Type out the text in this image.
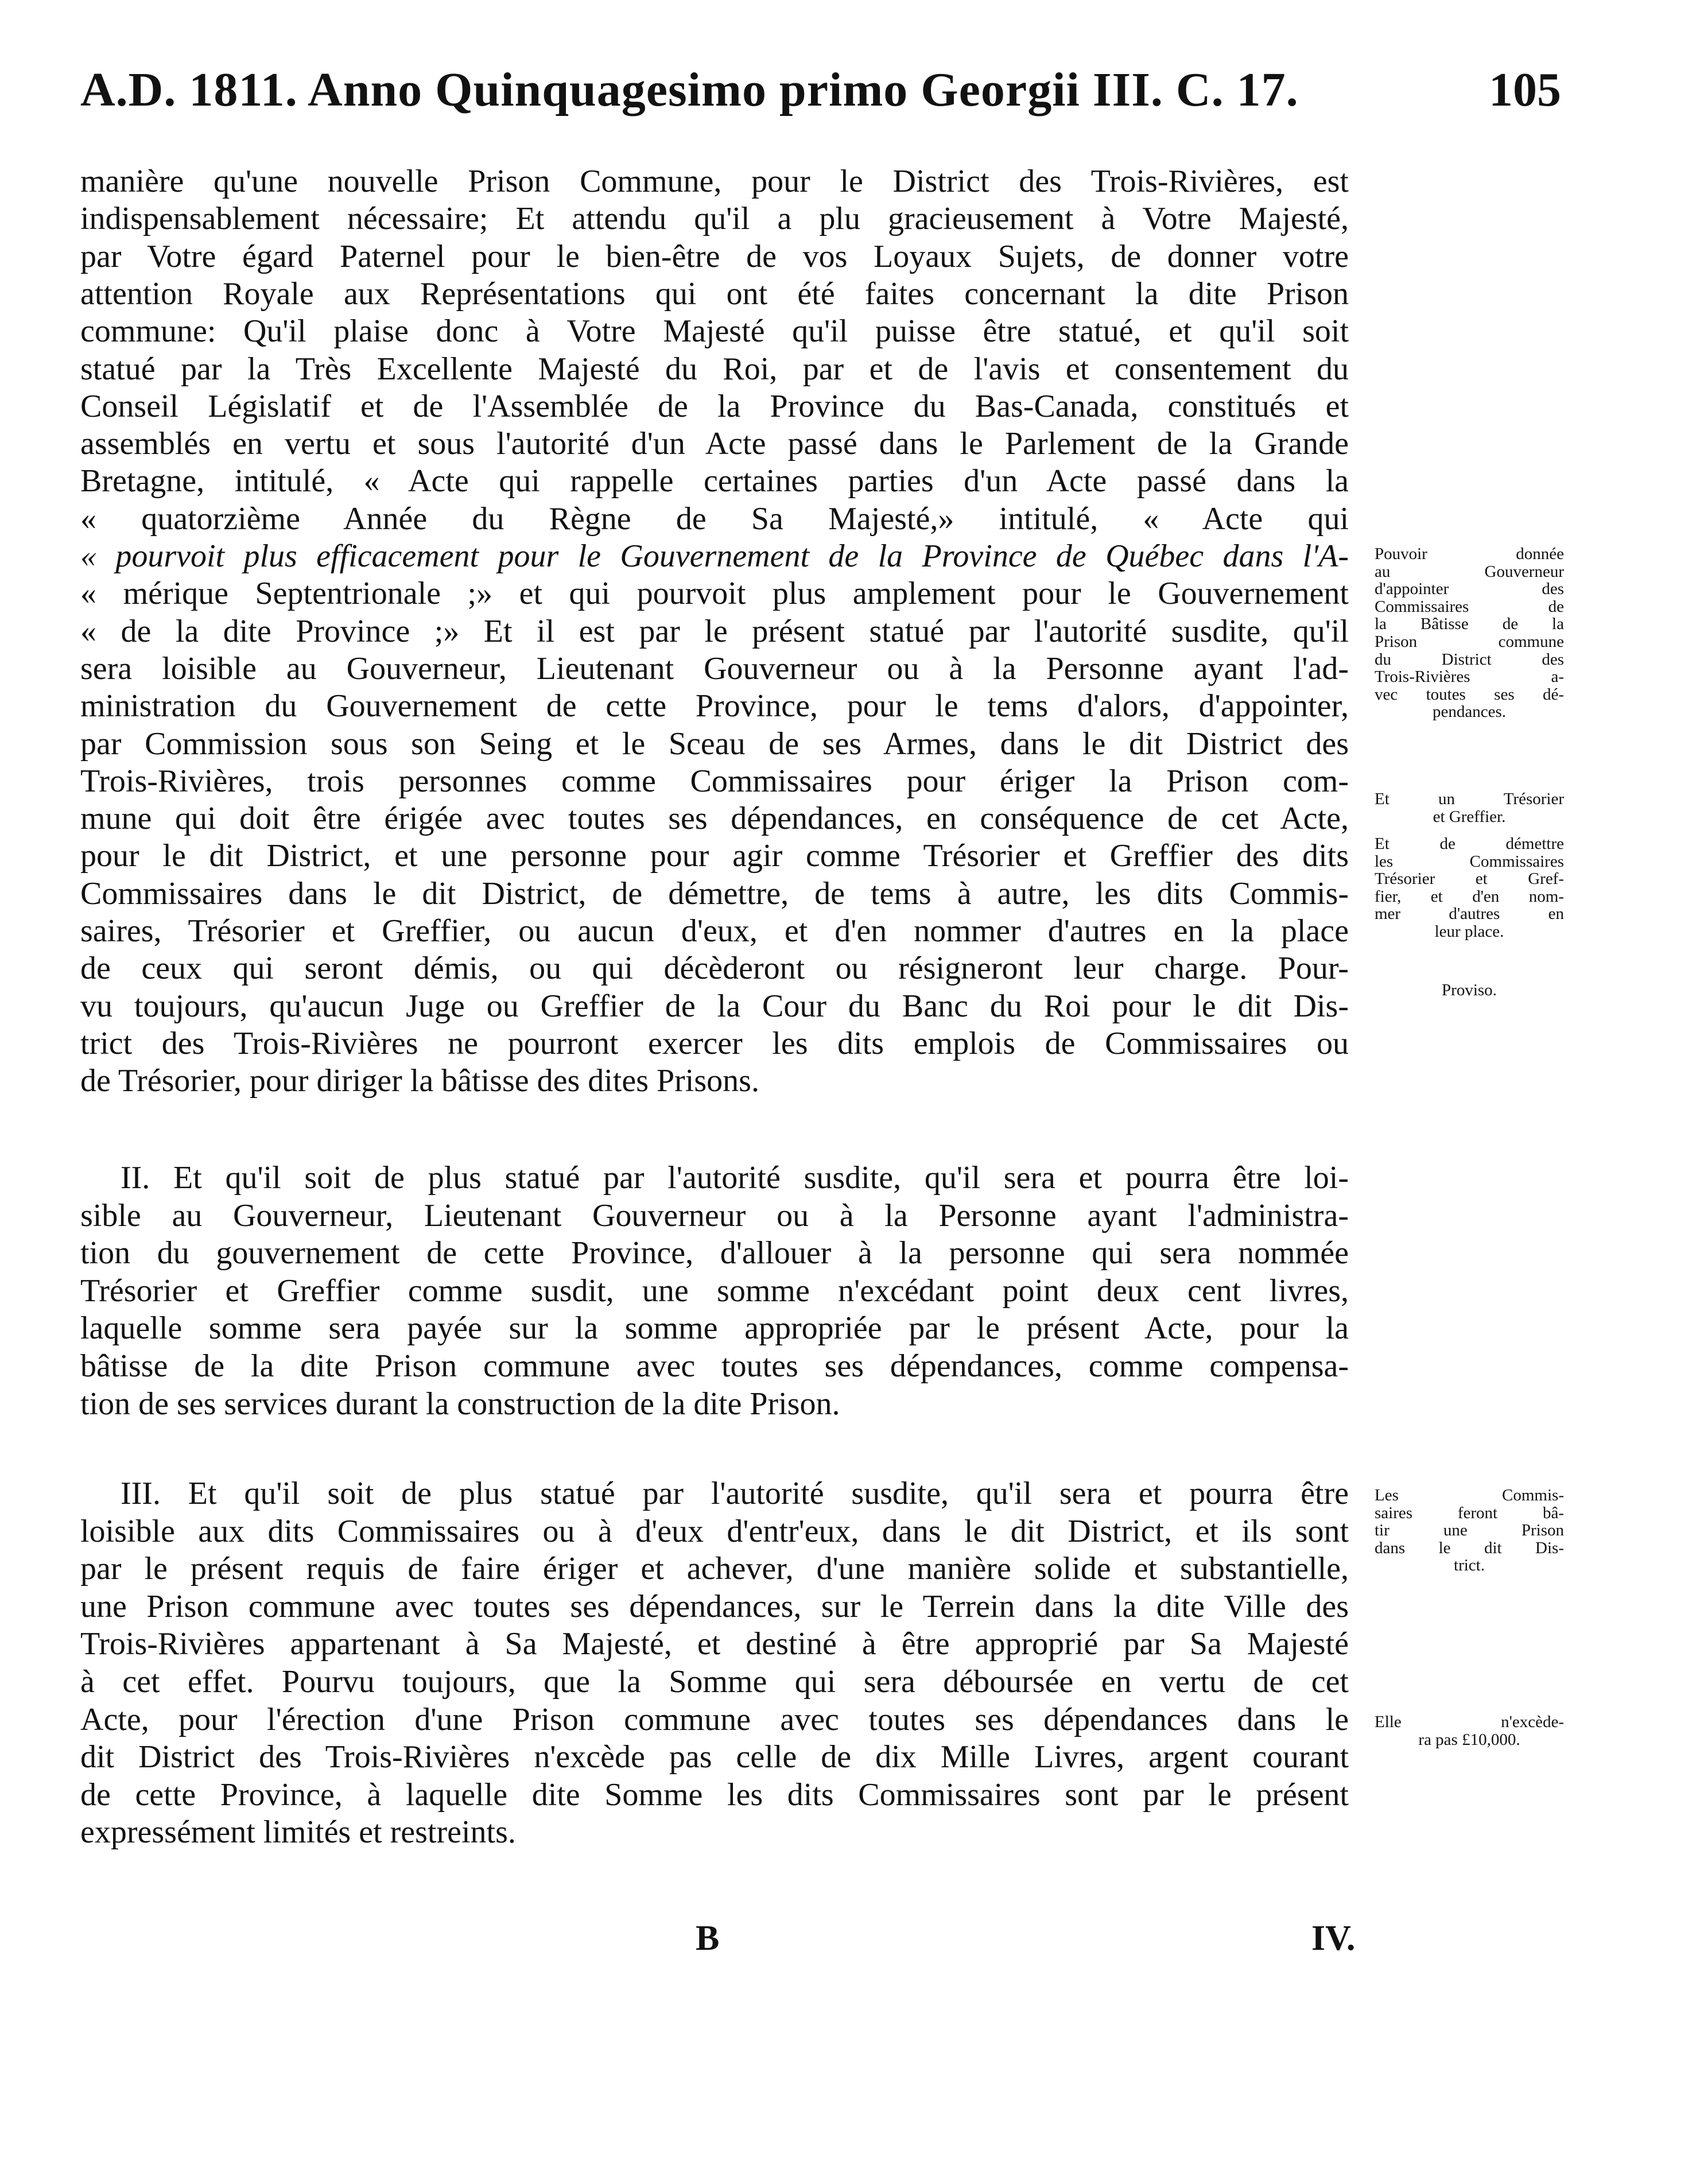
A.D. 1811. Anno Quinquagesimo primo Georgii III. C. 17.	105
manière qu'une nouvelle Prison Commune, pour le District des Trois-Rivières, est
indispensablement nécessaire; Et attendu qu'il a plu gracieusement à Votre Majesté,
par Votre égard Paternel pour le bien-être de vos Loyaux Sujets, de donner votre
attention Royale aux Représentations qui ont été faites concernant la dite Prison
commune: Qu'il plaise donc à Votre Majesté qu'il puisse être statué, et qu'il soit
statué par la Très Excellente Majesté du Roi, par et de l'avis et consentement du
Conseil Législatif et de l'Assemblée de la Province du Bas-Canada, constitués et
assemblés en vertu et sous l'autorité d'un Acte passé dans le Parlement de la Grande
Bretagne, intitulé, « Acte qui rappelle certaines parties d'un Acte passé dans la
« quatorzième Année du Règne de Sa Majesté,» intitulé, « Acte qui
« pourvoit plus efficacement pour le Gouvernement de la Province de Québec dans l'A-
« mérique Septentrionale ;» et qui pourvoit plus amplement pour le Gouvernement
« de la dite Province ;» Et il est par le présent statué par l'autorité susdite, qu'il
sera loisible au Gouverneur, Lieutenant Gouverneur ou à la Personne ayant l'ad-
ministration du Gouvernement de cette Province, pour le tems d'alors, d'appointer,
par Commission sous son Seing et le Sceau de ses Armes, dans le dit District des
Trois-Rivières, trois personnes comme Commissaires pour ériger la Prison com-
mune qui doit être érigée avec toutes ses dépendances, en conséquence de cet Acte,
pour le dit District, et une personne pour agir comme Trésorier et Greffier des dits
Commissaires dans le dit District, de démettre, de tems à autre, les dits Commis-
saires, Trésorier et Greffier, ou aucun d'eux, et d'en nommer d'autres en la place
de ceux qui seront démis, ou qui décèderont ou résigneront leur charge. Pour-
vu toujours, qu'aucun Juge ou Greffier de la Cour du Banc du Roi pour le dit Dis-
trict des Trois-Rivières ne pourront exercer les dits emplois de Commissaires ou
de Trésorier, pour diriger la bâtisse des dites Prisons.
II. Et qu'il soit de plus statué par l'autorité susdite, qu'il sera et pourra être loi-
sible au Gouverneur, Lieutenant Gouverneur ou à la Personne ayant l'administra-
tion du gouvernement de cette Province, d'allouer à la personne qui sera nommée
Trésorier et Greffier comme susdit, une somme n'excédant point deux cent livres,
laquelle somme sera payée sur la somme appropriée par le présent Acte, pour la
bâtisse de la dite Prison commune avec toutes ses dépendances, comme compensa-
tion de ses services durant la construction de la dite Prison.
III. Et qu'il soit de plus statué par l'autorité susdite, qu'il sera et pourra être
loisible aux dits Commissaires ou à d'eux d'entr'eux, dans le dit District, et ils sont
par le présent requis de faire ériger et achever, d'une manière solide et substantielle,
une Prison commune avec toutes ses dépendances, sur le Terrein dans la dite Ville des
Trois-Rivières appartenant à Sa Majesté, et destiné à être approprié par Sa Majesté
à cet effet. Pourvu toujours, que la Somme qui sera déboursée en vertu de cet
Acte, pour l'érection d'une Prison commune avec toutes ses dépendances dans le
dit District des Trois-Rivières n'excède pas celle de dix Mille Livres, argent courant
de cette Province, à laquelle dite Somme les dits Commissaires sont par le présent
expressément limités et restreints.
Pouvoir donnée
au Gouverneur
d'appointer des
Commissaires de
la Bâtisse de la
Prison commune
du District des
Trois-Rivières a-
vec toutes ses dé-
pendances.
Et un Trésorier
et Greffier.
Et de démettre
les Commissaires
Trésorier et Gref-
fier, et d'en nom-
mer d'autres en
leur place.
Proviso.
Les Commis-
saires feront bâ-
tir une Prison
dans le dit Dis-
trict.
Elle n'excède-
ra pas £10,000.
B	IV.
